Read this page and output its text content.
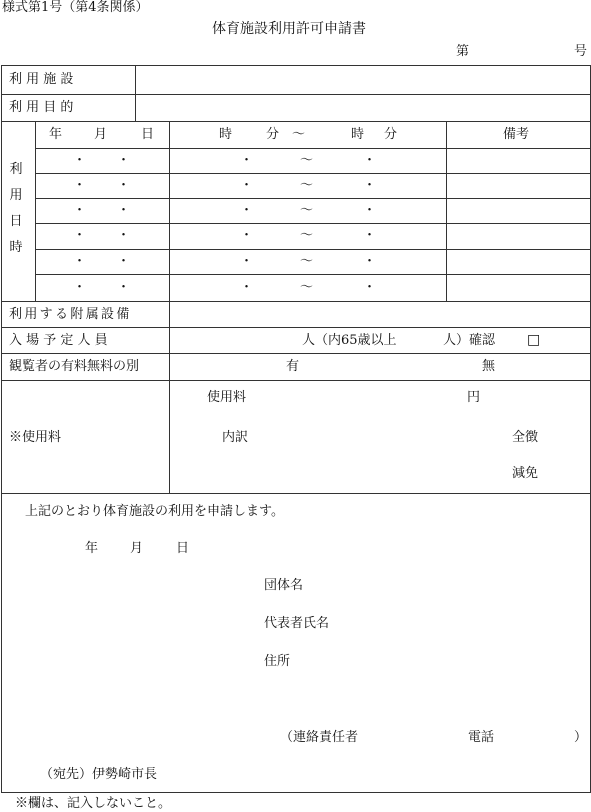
様式第1号（第4条関係）
体育施設利用許可申請書
第	号
利 用 施 設
利 用 目 的
利
用
日
時
年 月	日	時	分 ～	時 分	備考
・ ・	・	～	・
・ ・	・	～	・
・ ・	・	～	・
・ ・	・	～	・
・ ・	・	～	・
・ ・	・	～	・
利用する附属設備
入 場 予 定 人 員	人（内65歳以上	人）確認 □
観覧者の有料無料の別	有	無
※使用料
使用料	円
内訳	全徴
減免
上記のとおり体育施設の利用を申請します。
年 月	日
団体名
代表者氏名
住所
（連絡責任者	電話	）
（宛先）伊勢崎市長
※欄は、記入しないこと。
